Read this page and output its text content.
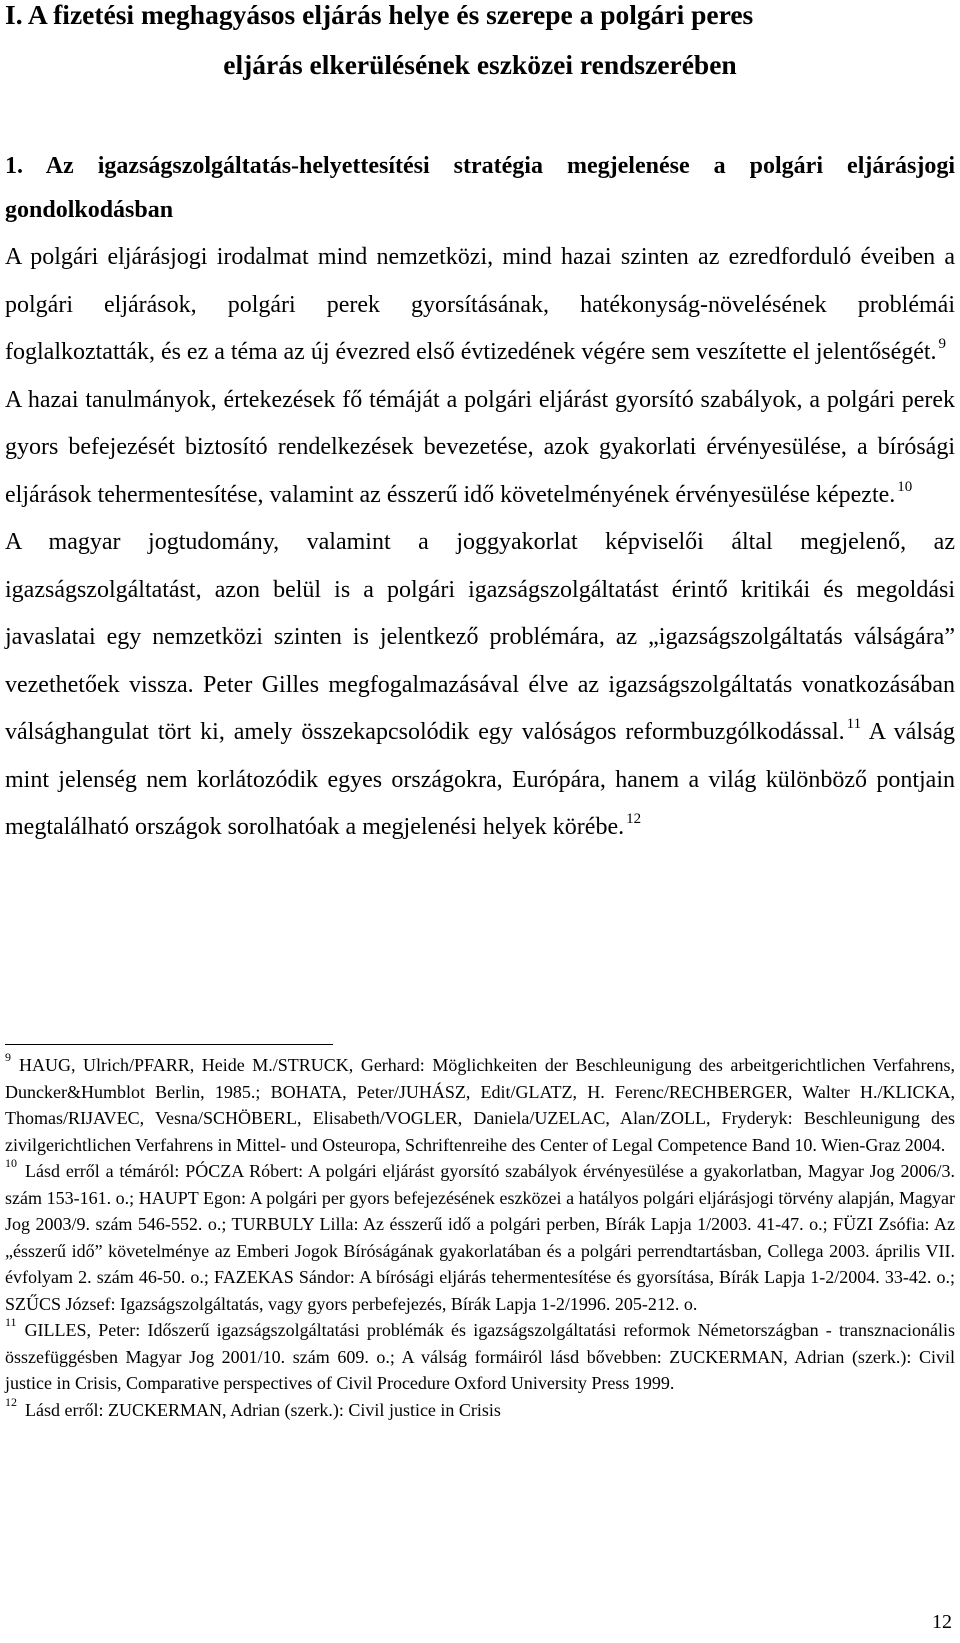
I. A fizetési meghagyásos eljárás helye és szerepe a polgári peres
eljárás elkerülésének eszközei rendszerében
1. Az igazságszolgáltatás-helyettesítési stratégia megjelenése a polgári eljárásjogi gondolkodásban

A polgári eljárásjogi irodalmat mind nemzetközi, mind hazai szinten az ezredforduló éveiben a polgári eljárások, polgári perek gyorsításának, hatékonyság-növelésének problémái foglalkoztatták, és ez a téma az új évezred első évtizedének végére sem veszítette el jelentőségét. $^9$

A hazai tanulmányok, értekezések fő témáját a polgári eljárást gyorsító szabályok, a polgári perek gyors befejezését biztosító rendelkezések bevezetése, azok gyakorlati érvényesülése, a bírósági eljárások tehermentesítése, valamint az ésszerű idő követelményének érvényesülése képezte. $^{10}$

A magyar jogtudomány, valamint a joggyakorlat képviselői által megjelenő, az igazságszolgáltatást, azon belül is a polgári igazságszolgáltatást érintő kritikái és megoldási javaslatai egy nemzetközi szinten is jelentkező problémára, az „igazságszolgáltatás válságára” vezethetőek vissza. Peter Gilles megfogalmazásával élve az igazságszolgáltatás vonatkozásában válsághangulat tört ki, amely összekapcsolódik egy valóságos reformbuzgólkodással. $^{11}$ A válság mint jelenség nem korlátozódik egyes országokra, Európára, hanem a világ különböző pontjain megtalálható országok sorolhatóak a megjelenési helyek körébe. $^{12}$

$^9$ HAUG, Ulrich/PFARR, Heide M./STRUCK, Gerhard: Möglichkeiten der Beschleunigung des arbeitgerichtlichen Verfahrens, Duncker&Humblot Berlin, 1985.; BOHATA, Peter/JUHÁSZ, Edit/GLATZ, H. Ferenc/RECHBERGER, Walter H./KLICKA, Thomas/RIJAVEC, Vesna/SCHÖBERL, Elisabeth/VOGLER, Daniela/UZELAC, Alan/ZOLL, Fryderyk: Beschleunigung des zivilgerichtlichen Verfahrens in Mittel- und Osteuropa, Schriftenreihe des Center of Legal Competence Band 10. Wien-Graz 2004.

$^{10}$ Lásd erről a témáról: PÓCZA Róbert: A polgári eljárást gyorsító szabályok érvényesülése a gyakorlatban, Magyar Jog 2006/3. szám 153-161. o.; HAUPT Egon: A polgári per gyors befejezésének eszközei a hatályos polgári eljárásjogi törvény alapján, Magyar Jog 2003/9. szám 546-552. o.; TURBULY Lilla: Az ésszerű idő a polgári perben, Bírák Lapja 1/2003. 41-47. o.; FÜZI Zsófia: Az „ésszerű idő” követelménye az Emberi Jogok Bíróságának gyakorlatában és a polgári perrendtartásban, Collega 2003. április VII. évfolyam 2. szám 46-50. o.; FAZEKAS Sándor: A bírósági eljárás tehermentesítése és gyorsítása, Bírák Lapja 1-2/2004. 33-42. o.; SZŰCS József: Igazságszolgáltatás, vagy gyors perbefejezés, Bírák Lapja 1-2/1996. 205-212. o.

$^{11}$ GILLES, Peter: Időszerű igazságszolgáltatási problémák és igazságszolgáltatási reformok Németországban - transznacionális összefüggésben Magyar Jog 2001/10. szám 609. o.; A válság formáiról lásd bővebben: ZUCKERMAN, Adrian (szerk.): Civil justice in Crisis, Comparative perspectives of Civil Procedure Oxford University Press 1999.

$^{12}$ Lásd erről: ZUCKERMAN, Adrian (szerk.): Civil justice in Crisis

12
